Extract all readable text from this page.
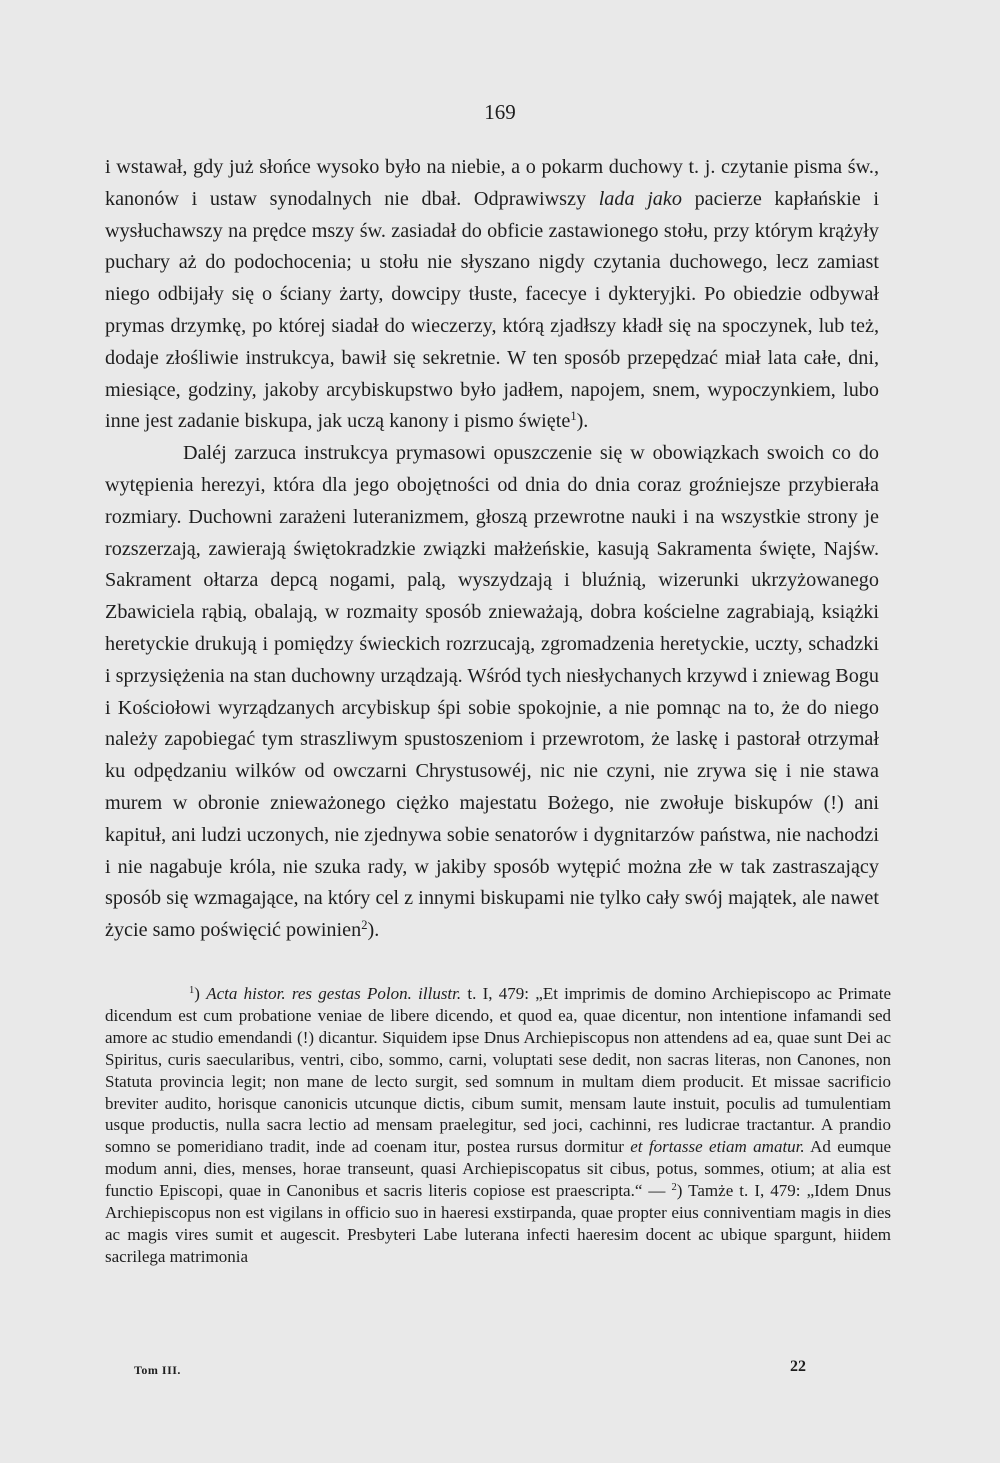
169

i wstawał, gdy już słońce wysoko było na niebie, a o pokarm duchowy t. j. czytanie pisma św., kanonów i ustaw synodalnych nie dbał. Odprawiwszy lada jako pacierze kapłańskie i wysłuchawszy na prędce mszy św. zasiadał do obficie zastawionego stołu, przy którym krążyły puchary aż do podochocenia; u stołu nie słyszano nigdy czytania duchowego, lecz zamiast niego odbijały się o ściany żarty, dowcipy tłuste, facecye i dykteryjki. Po obiedzie odbywał prymas drzymkę, po której siadał do wieczerzy, którą zjadłszy kładł się na spoczynek, lub też, dodaje złośliwie instrukcya, bawił się sekretnie. W ten sposób przepędzać miał lata całe, dni, miesiące, godziny, jakoby arcybiskupstwo było jadłem, napojem, snem, wypoczynkiem, lubo inne jest zadanie biskupa, jak uczą kanony i pismo święte$^1$).

Daléj zarzuca instrukcya prymasowi opuszczenie się w obowiązkach swoich co do wytępienia herezyi, która dla jego obojętności od dnia do dnia coraz groźniejsze przybierała rozmiary. Duchowni zarażeni luteranizmem, głoszą przewrotne nauki i na wszystkie strony je rozszerzają, zawierają świętokradzkie związki małżeńskie, kasują Sakramenta święte, Najśw. Sakrament ołtarza depcą nogami, palą, wyszydzają i bluźnią, wizerunki ukrzyżowanego Zbawiciela rąbią, obalają, w rozmaity sposób znieważają, dobra kościelne zagrabiają, książki heretyckie drukują i pomiędzy świeckich rozrzucają, zgromadzenia heretyckie, uczty, schadzki i sprzysiężenia na stan duchowny urządzają. Wśród tych niesłychanych krzywd i zniewag Bogu i Kościołowi wyrządzanych arcybiskup śpi sobie spokojnie, a nie pomnąc na to, że do niego należy zapobiegać tym straszliwym spustoszeniom i przewrotom, że laskę i pastorał otrzymał ku odpędzaniu wilków od owczarni Chrystusowéj, nic nie czyni, nie zrywa się i nie stawa murem w obronie znieważonego ciężko majestatu Bożego, nie zwołuje biskupów (!) ani kapituł, ani ludzi uczonych, nie zjednywa sobie senatorów i dygnitarzów państwa, nie nachodzi i nie nagabuje króla, nie szuka rady, w jakiby sposób wytępić można złe w tak zastraszający sposób się wzmagające, na który cel z innymi biskupami nie tylko cały swój majątek, ale nawet życie samo poświęcić powinien$^2$).

$^1$) Acta histor. res gestas Polon. illustr. t. I, 479: „Et imprimis de domino Archiepiscopo ac Primate dicendum est cum probatione veniae de libere dicendo, et quod ea, quae dicentur, non intentione infamandi sed amore ac studio emendandi (!) dicantur. Siquidem ipse Dnus Archiepiscopus non attendens ad ea, quae sunt Dei ac Spiritus, curis saecularibus, ventri, cibo, sommo, carni, voluptati sese dedit, non sacras literas, non Canones, non Statuta provincia legit; non mane de lecto surgit, sed somnum in multam diem producit. Et missae sacrificio breviter audito, horisque canonicis utcunque dictis, cibum sumit, mensam laute instuit, poculis ad tumulentiam usque productis, nulla sacra lectio ad mensam praelegitur, sed joci, cachinni, res ludicrae tractantur. A prandio somno se pomeridiano tradit, inde ad coenam itur, postea rursus dormitur et fortasse etiam amatur. Ad eumque modum anni, dies, menses, horae transeunt, quasi Archiepiscopatus sit cibus, potus, sommes, otium; at alia est functio Episcopi, quae in Canonibus et sacris literis copiose est praescripta.“ — $^2$) Tamże t. I, 479: „Idem Dnus Archiepiscopus non est vigilans in officio suo in haeresi exstirpanda, quae propter eius conniventiam magis in dies ac magis vires sumit et augescit. Presbyteri Labe luterana infecti haeresim docent ac ubique spargunt, hiidem sacrilega matrimonia

Tom III.	22
